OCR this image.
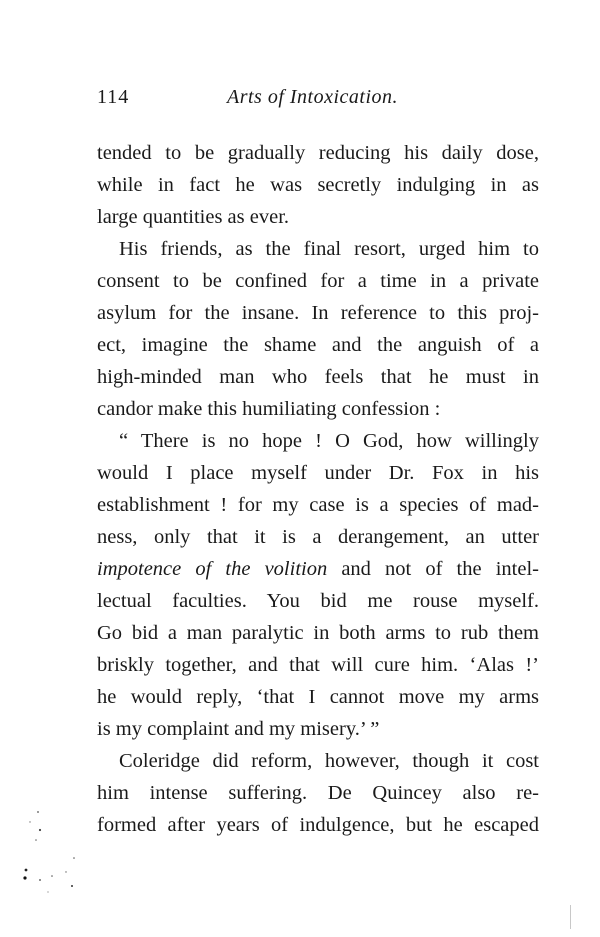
114	Arts of Intoxication.
tended to be gradually reducing his daily dose,
while in fact he was secretly indulging in as
large quantities as ever.
His friends, as the final resort, urged him to
consent to be confined for a time in a private
asylum for the insane. In reference to this proj-
ect, imagine the shame and the anguish of a
high-minded man who feels that he must in
candor make this humiliating confession :
“ There is no hope ! O God, how willingly
would I place myself under Dr. Fox in his
establishment ! for my case is a species of mad-
ness, only that it is a derangement, an utter
impotence of the volition and not of the intel-
lectual faculties. You bid me rouse myself.
Go bid a man paralytic in both arms to rub them
briskly together, and that will cure him. ‘Alas !’
he would reply, ‘that I cannot move my arms
is my complaint and my misery.’ ”
Coleridge did reform, however, though it cost
him intense suffering. De Quincey also re-
formed after years of indulgence, but he escaped
